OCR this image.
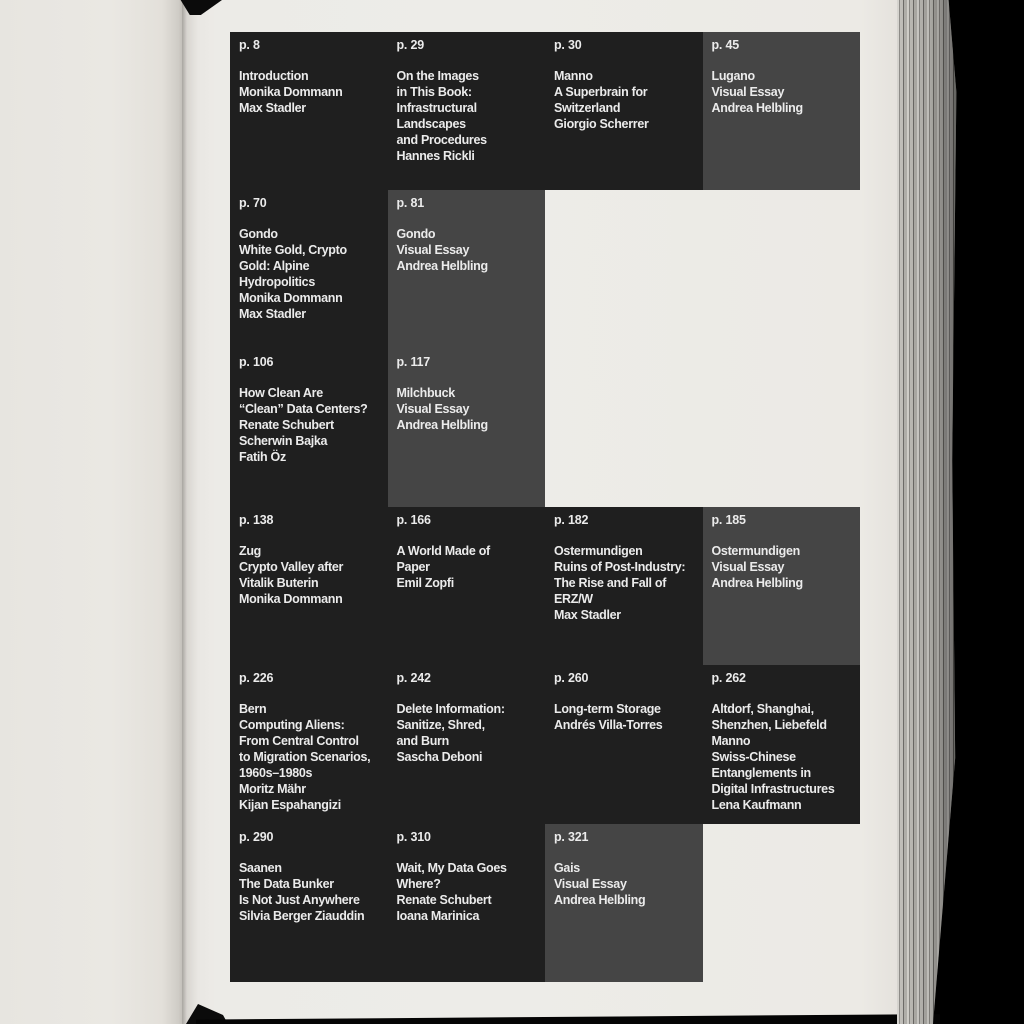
p. 8
Introduction
Monika Dommann
Max Stadler
p. 29
On the Images
in This Book:
Infrastructural
Landscapes
and Procedures
Hannes Rickli
p. 30
Manno
A Superbrain for
Switzerland
Giorgio Scherrer
p. 45
Lugano
Visual Essay
Andrea Helbling
p. 70
Gondo
White Gold, Crypto
Gold: Alpine
Hydropolitics
Monika Dommann
Max Stadler
p. 81
Gondo
Visual Essay
Andrea Helbling
p. 106
How Clean Are
“Clean” Data Centers?
Renate Schubert
Scherwin Bajka
Fatih Öz
p. 117
Milchbuck
Visual Essay
Andrea Helbling
p. 138
Zug
Crypto Valley after
Vitalik Buterin
Monika Dommann
p. 166
A World Made of
Paper
Emil Zopfi
p. 182
Ostermundigen
Ruins of Post-Industry:
The Rise and Fall of
ERZ/W
Max Stadler
p. 185
Ostermundigen
Visual Essay
Andrea Helbling
p. 226
Bern
Computing Aliens:
From Central Control
to Migration Scenarios,
1960s–1980s
Moritz Mähr
Kijan Espahangizi
p. 242
Delete Information:
Sanitize, Shred,
and Burn
Sascha Deboni
p. 260
Long-term Storage
Andrés Villa-Torres
p. 262
Altdorf, Shanghai,
Shenzhen, Liebefeld
Manno
Swiss-Chinese
Entanglements in
Digital Infrastructures
Lena Kaufmann
p. 290
Saanen
The Data Bunker
Is Not Just Anywhere
Silvia Berger Ziauddin
p. 310
Wait, My Data Goes
Where?
Renate Schubert
Ioana Marinica
p. 321
Gais
Visual Essay
Andrea Helbling
